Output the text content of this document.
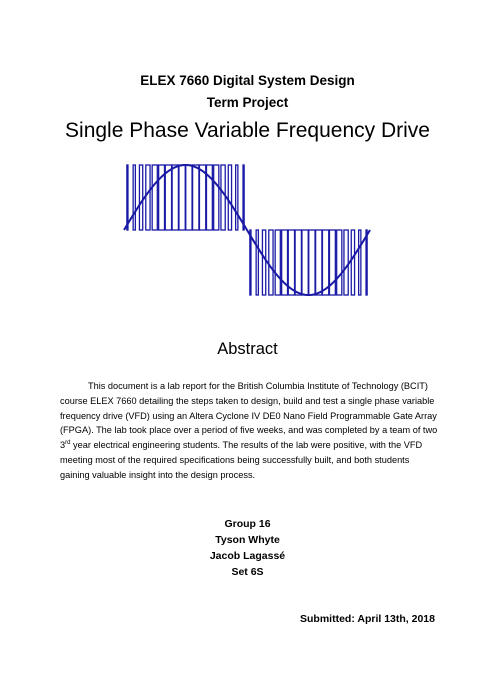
ELEX 7660 Digital System Design
Term Project
Single Phase Variable Frequency Drive
Abstract
This document is a lab report for the British Columbia Institute of Technology (BCIT) course ELEX 7660 detailing the steps taken to design, build and test a single phase variable frequency drive (VFD) using an Altera Cyclone IV DE0 Nano Field Programmable Gate Array (FPGA). The lab took place over a period of five weeks, and was completed by a team of two 3rd year electrical engineering students. The results of the lab were positive, with the VFD meeting most of the required specifications being successfully built, and both students gaining valuable insight into the design process.
Group 16
Tyson Whyte
Jacob Lagassé
Set 6S
Submitted: April 13th, 2018
